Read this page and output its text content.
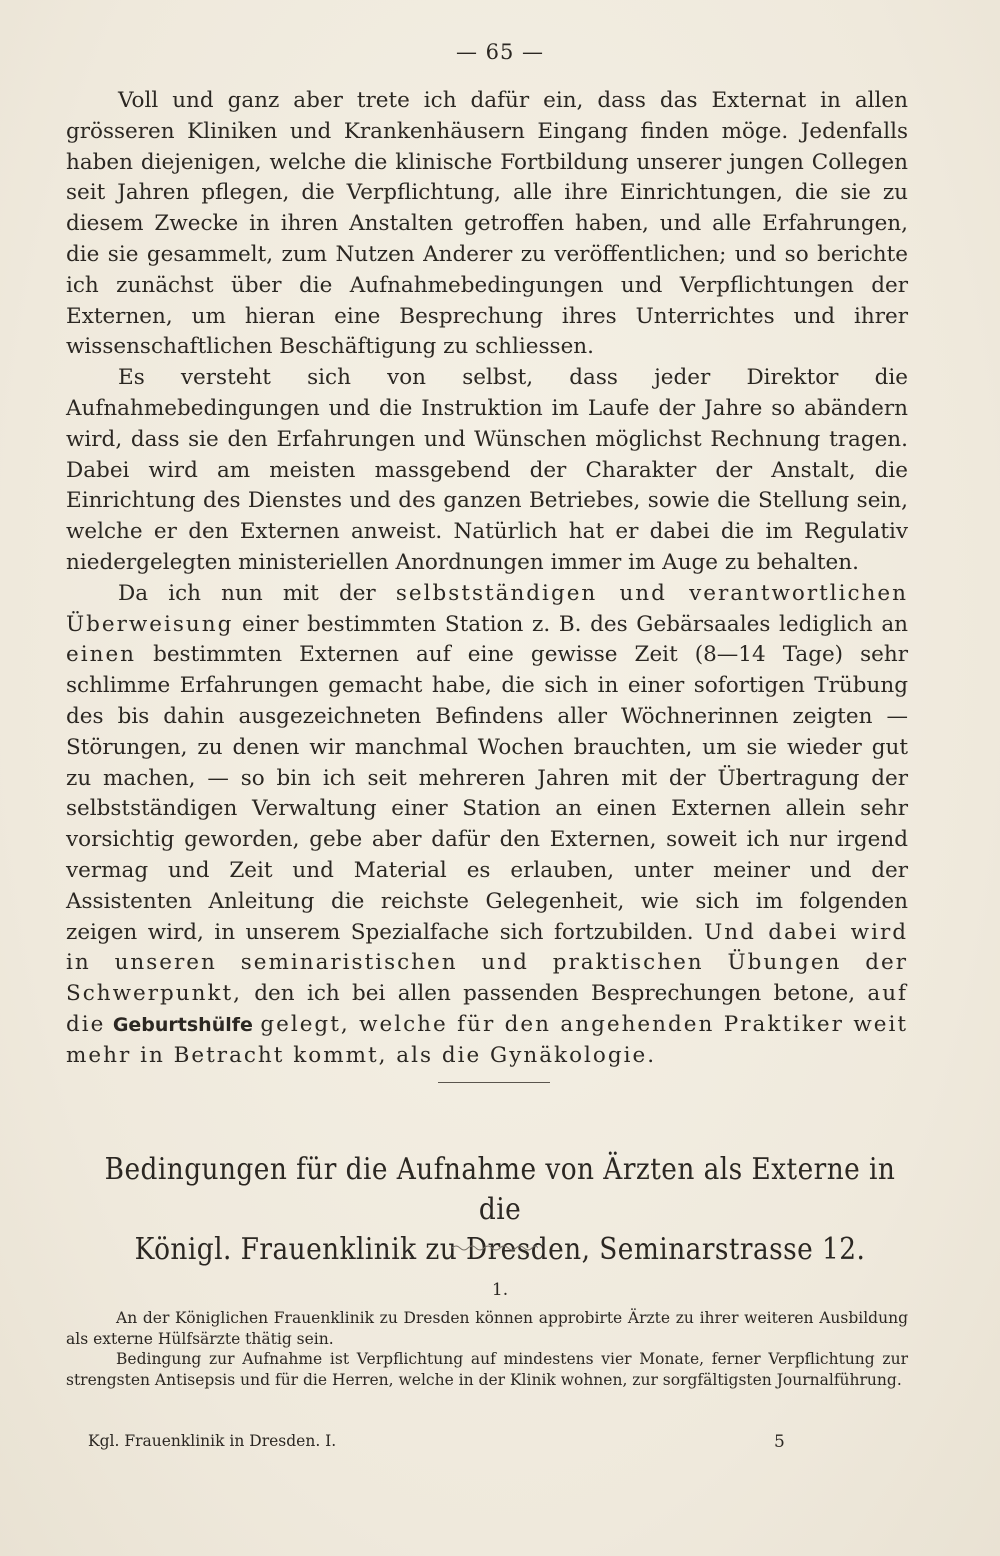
— 65 —

Voll und ganz aber trete ich dafür ein, dass das Externat in allen grösseren Kliniken und Krankenhäusern Eingang finden möge. Jedenfalls haben diejenigen, welche die klinische Fortbildung unserer jungen Collegen seit Jahren pflegen, die Verpflichtung, alle ihre Einrichtungen, die sie zu diesem Zwecke in ihren Anstalten getroffen haben, und alle Erfahrungen, die sie gesammelt, zum Nutzen Anderer zu veröffentlichen; und so berichte ich zunächst über die Aufnahmebedingungen und Verpflichtungen der Externen, um hieran eine Besprechung ihres Unterrichtes und ihrer wissenschaftlichen Beschäftigung zu schliessen.

Es versteht sich von selbst, dass jeder Direktor die Aufnahmebedingungen und die Instruktion im Laufe der Jahre so abändern wird, dass sie den Erfahrungen und Wünschen möglichst Rechnung tragen. Dabei wird am meisten massgebend der Charakter der Anstalt, die Einrichtung des Dienstes und des ganzen Betriebes, sowie die Stellung sein, welche er den Externen anweist. Natürlich hat er dabei die im Regulativ niedergelegten ministeriellen Anordnungen immer im Auge zu behalten.

Da ich nun mit der selbstständigen und verantwortlichen Überweisung einer bestimmten Station z. B. des Gebärsaales lediglich an einen bestimmten Externen auf eine gewisse Zeit (8—14 Tage) sehr schlimme Erfahrungen gemacht habe, die sich in einer sofortigen Trübung des bis dahin ausgezeichneten Befindens aller Wöchnerinnen zeigten — Störungen, zu denen wir manchmal Wochen brauchten, um sie wieder gut zu machen, — so bin ich seit mehreren Jahren mit der Übertragung der selbstständigen Verwaltung einer Station an einen Externen allein sehr vorsichtig geworden, gebe aber dafür den Externen, soweit ich nur irgend vermag und Zeit und Material es erlauben, unter meiner und der Assistenten Anleitung die reichste Gelegenheit, wie sich im folgenden zeigen wird, in unserem Spezialfache sich fortzubilden. Und dabei wird in unseren seminaristischen und praktischen Übungen der Schwerpunkt, den ich bei allen passenden Besprechungen betone, auf die Geburtshülfe gelegt, welche für den angehenden Praktiker weit mehr in Betracht kommt, als die Gynäkologie.

Bedingungen für die Aufnahme von Ärzten als Externe in die
Königl. Frauenklinik zu Dresden, Seminarstrasse 12.
1.

An der Königlichen Frauenklinik zu Dresden können approbirte Ärzte zu ihrer weiteren Ausbildung als externe Hülfsärzte thätig sein.

Bedingung zur Aufnahme ist Verpflichtung auf mindestens vier Monate, ferner Verpflichtung zur strengsten Antisepsis und für die Herren, welche in der Klinik wohnen, zur sorgfältigsten Journalführung.

Kgl. Frauenklinik in Dresden. I.	5
